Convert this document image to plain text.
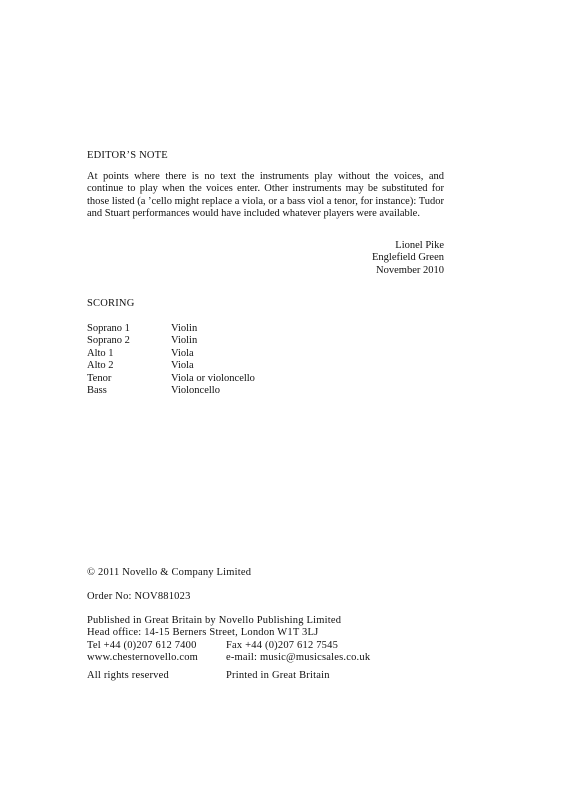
EDITOR’S NOTE

At points where there is no text the instruments play without the voices, and continue to play when the voices enter. Other instruments may be substituted for those listed (a ’cello might replace a viola, or a bass viol a tenor, for instance): Tudor and Stuart performances would have included whatever players were available.

Lionel Pike
Englefield Green
November 2010
SCORING
Soprano 1	Violin
Soprano 2	Violin
Alto 1	Viola
Alto 2	Viola
Tenor	Viola or violoncello
Bass	Violoncello
© 2011 Novello & Company Limited
Order No: NOV881023
Published in Great Britain by Novello Publishing Limited
Head office: 14-15 Berners Street, London W1T 3LJ
Tel +44 (0)207 612 7400	Fax +44 (0)207 612 7545
www.chesternovello.com	e-mail: music@musicsales.co.uk
All rights reserved	Printed in Great Britain
